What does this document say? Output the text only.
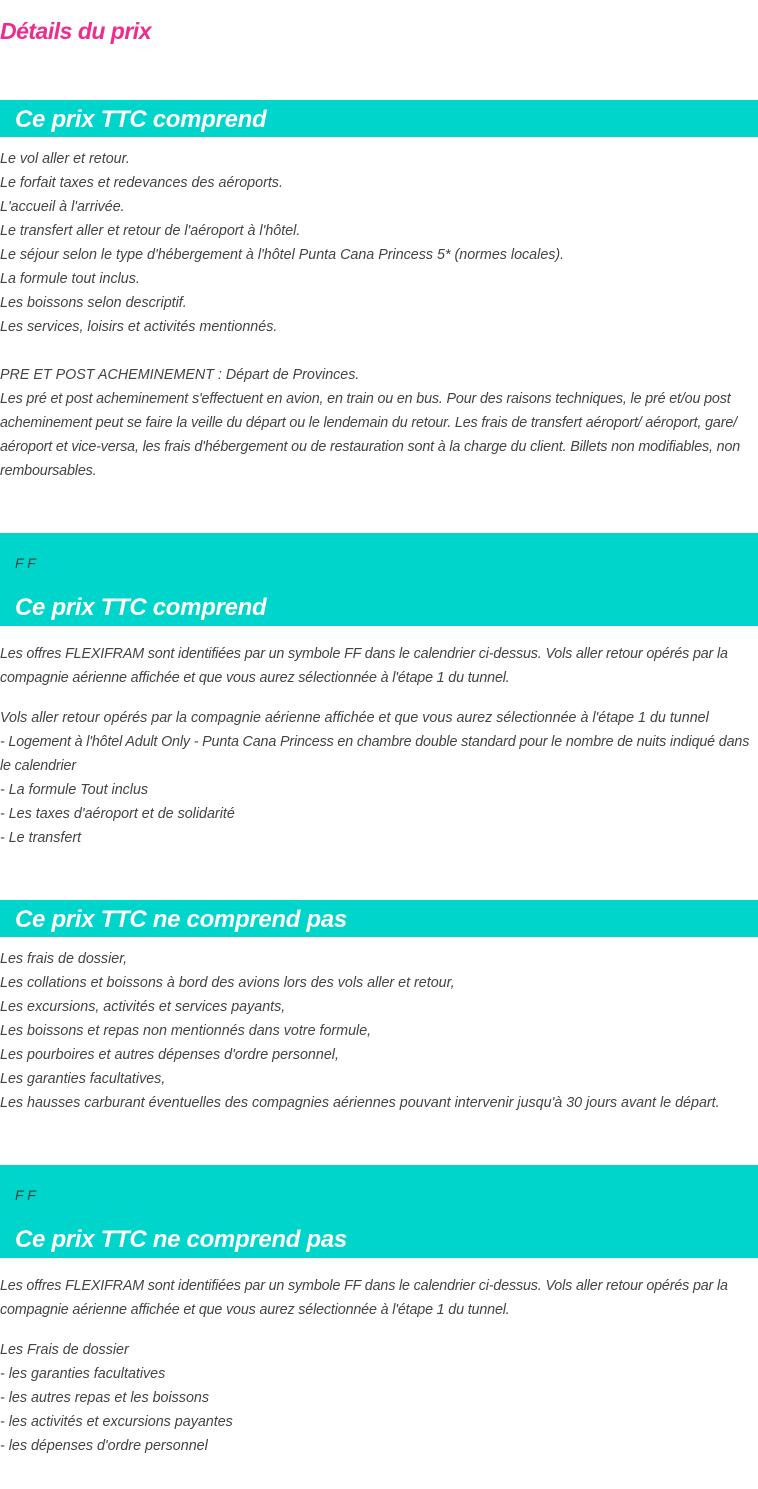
Détails du prix
Ce prix TTC comprend
Le vol aller et retour.
Le forfait taxes et redevances des aéroports.
L'accueil à l'arrivée.
Le transfert aller et retour de l'aéroport à l'hôtel.
Le séjour selon le type d'hébergement à l'hôtel Punta Cana Princess 5* (normes locales).
La formule tout inclus.
Les boissons selon descriptif.
Les services, loisirs et activités mentionnés.
PRE ET POST ACHEMINEMENT : Départ de Provinces.
Les pré et post acheminement s'effectuent en avion, en train ou en bus. Pour des raisons techniques, le pré et/ou post acheminement peut se faire la veille du départ ou le lendemain du retour. Les frais de transfert aéroport/ aéroport, gare/ aéroport et vice-versa, les frais d'hébergement ou de restauration sont à la charge du client. Billets non modifiables, non remboursables.
F F
Ce prix TTC comprend
Les offres FLEXIFRAM sont identifiées par un symbole FF dans le calendrier ci-dessus. Vols aller retour opérés par la compagnie aérienne affichée et que vous aurez sélectionnée à l'étape 1 du tunnel.
Vols aller retour opérés par la compagnie aérienne affichée et que vous aurez sélectionnée à l'étape 1 du tunnel
- Logement à l'hôtel Adult Only - Punta Cana Princess en chambre double standard pour le nombre de nuits indiqué dans le calendrier
- La formule Tout inclus
- Les taxes d'aéroport et de solidarité
- Le transfert
Ce prix TTC ne comprend pas
Les frais de dossier,
Les collations et boissons à bord des avions lors des vols aller et retour,
Les excursions, activités et services payants,
Les boissons et repas non mentionnés dans votre formule,
Les pourboires et autres dépenses d'ordre personnel,
Les garanties facultatives,
Les hausses carburant éventuelles des compagnies aériennes pouvant intervenir jusqu'à 30 jours avant le départ.
F F
Ce prix TTC ne comprend pas
Les offres FLEXIFRAM sont identifiées par un symbole FF dans le calendrier ci-dessus. Vols aller retour opérés par la compagnie aérienne affichée et que vous aurez sélectionnée à l'étape 1 du tunnel.
Les Frais de dossier
- les garanties facultatives
- les autres repas et les boissons
- les activités et excursions payantes
- les dépenses d'ordre personnel
